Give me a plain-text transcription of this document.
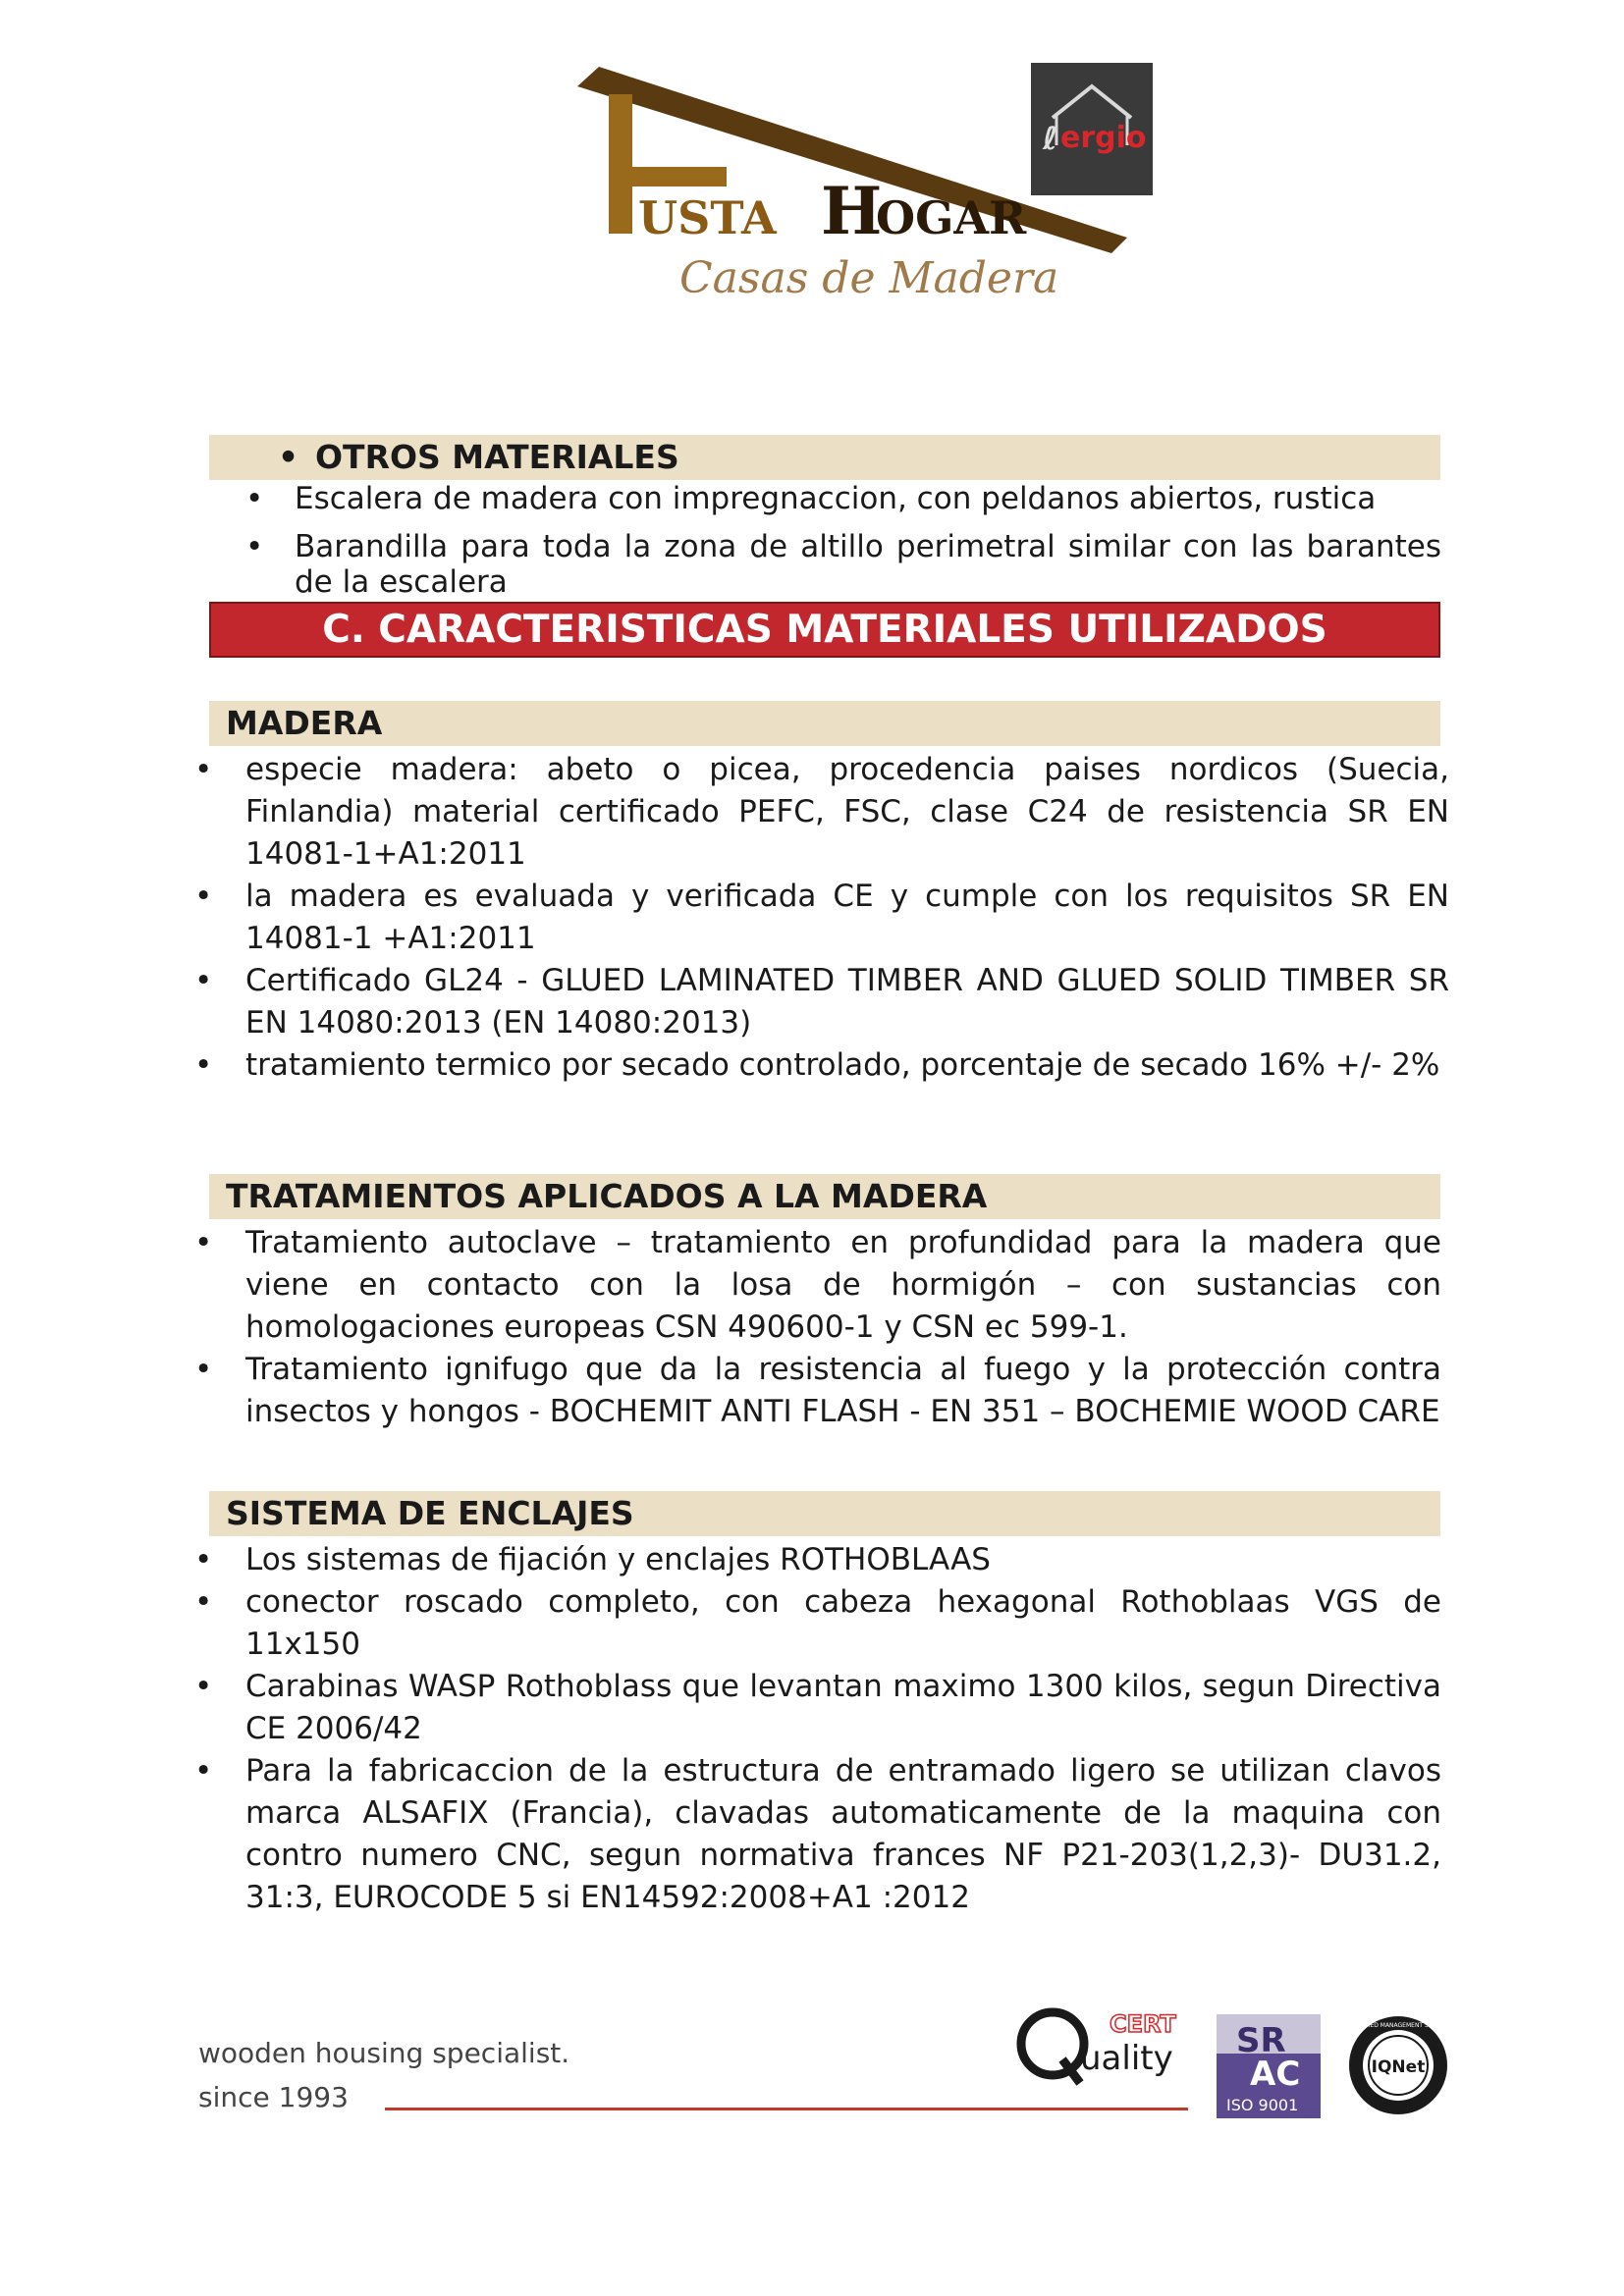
USTA H
OGAR
Casas de Madera
ℓ ergio
• OTROS MATERIALES
• Escalera de madera con impregnaccion, con peldanos abiertos, rustica
• Barandilla para toda la zona de altillo perimetral similar con las barantes de la escalera
C. CARACTERISTICAS MATERIALES UTILIZADOS
MADERA
• especie madera: abeto o picea, procedencia paises nordicos (Suecia, Finlandia) material certificado PEFC, FSC, clase C24 de resistencia SR EN 14081-1+A1:2011
• la madera es evaluada y verificada CE y cumple con los requisitos SR EN 14081-1 +A1:2011
• Certificado GL24 - GLUED LAMINATED TIMBER AND GLUED SOLID TIMBER SR EN 14080:2013 (EN 14080:2013)
• tratamiento termico por secado controlado, porcentaje de secado 16% +/- 2%
TRATAMIENTOS APLICADOS A LA MADERA
• Tratamiento autoclave – tratamiento en profundidad para la madera que viene en contacto con la losa de hormigón – con sustancias con homologaciones europeas CSN 490600-1 y CSN ec 599-1.
• Tratamiento ignifugo que da la resistencia al fuego y la protección contra insectos y hongos - BOCHEMIT ANTI FLASH - EN 351 – BOCHEMIE WOOD CARE
SISTEMA DE ENCLAJES
• Los sistemas de fijación y enclajes ROTHOBLAAS
• conector roscado completo, con cabeza hexagonal Rothoblaas VGS de 11x150
• Carabinas WASP Rothoblass que levantan maximo 1300 kilos, segun Directiva CE 2006/42
• Para la fabricaccion de la estructura de entramado ligero se utilizan clavos marca ALSAFIX (Francia), clavadas automaticamente de la maquina con contro numero CNC, segun normativa frances NF P21-203(1,2,3)- DU31.2, 31:3, EUROCODE 5 si EN14592:2008+A1 :2012
wooden housing specialist.
since 1993
CERT
uality SR
AC
ISO 9001
IQNet
CERTIFIED MANAGEMENT SYSTEM
